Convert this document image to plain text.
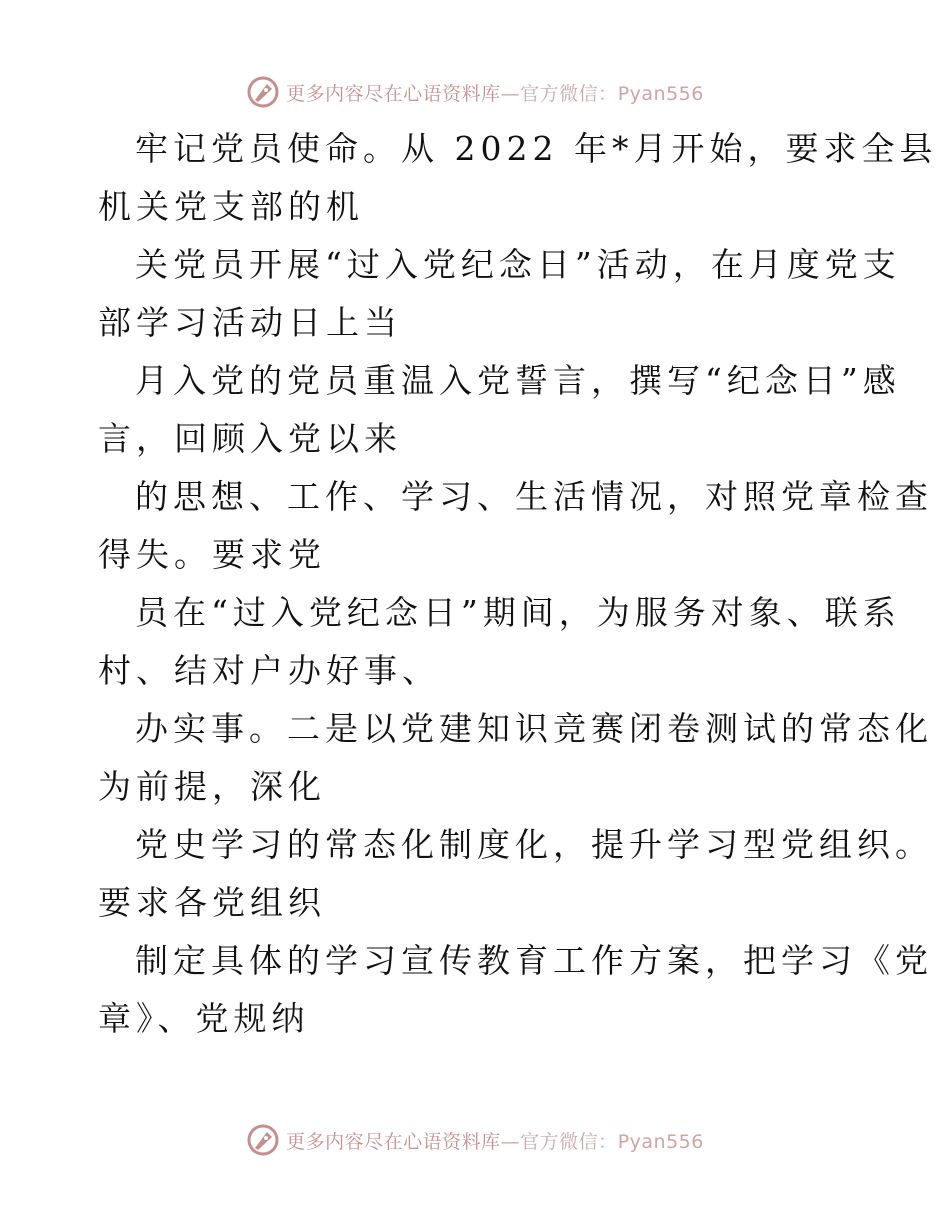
更多内容尽在心语资料库—官方微信：Pyan556
牢记党员使命。从 2022 年*月开始，要求全县
机关党支部的机
关党员开展“过入党纪念日”活动，在月度党支
部学习活动日上当
月入党的党员重温入党誓言，撰写“纪念日”感
言，回顾入党以来
的思想、工作、学习、生活情况，对照党章检查
得失。要求党
员在“过入党纪念日”期间，为服务对象、联系
村、结对户办好事、
办实事。二是以党建知识竞赛闭卷测试的常态化
为前提，深化
党史学习的常态化制度化，提升学习型党组织。
要求各党组织
制定具体的学习宣传教育工作方案，把学习《党
章》、党规纳
更多内容尽在心语资料库—官方微信：Pyan556
